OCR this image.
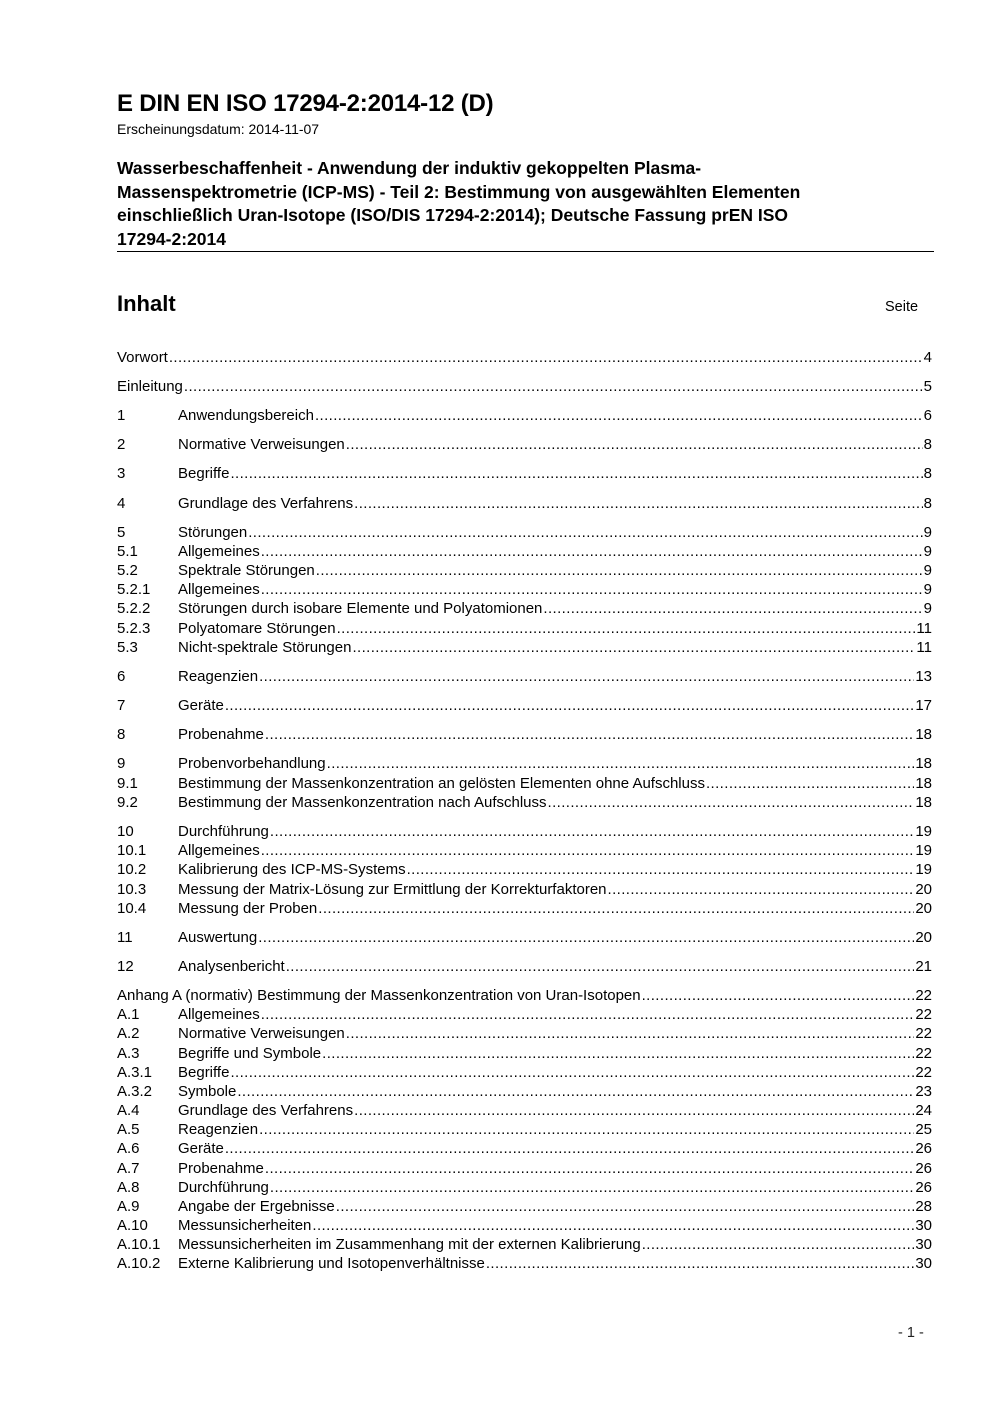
E DIN EN ISO 17294-2:2014-12 (D)
Erscheinungsdatum: 2014-11-07
Wasserbeschaffenheit - Anwendung der induktiv gekoppelten Plasma-
Massenspektrometrie (ICP-MS) - Teil 2: Bestimmung von ausgewählten Elementen
einschließlich Uran-Isotope (ISO/DIS 17294-2:2014); Deutsche Fassung prEN ISO
17294-2:2014
Inhalt	Seite
Vorwort .....	4
Einleitung .....	5
1	Anwendungsbereich .....	6
2	Normative Verweisungen .....	8
3	Begriffe .....	8
4	Grundlage des Verfahrens .....	8
5	Störungen .....	9
5.1	Allgemeines .....	9
5.2	Spektrale Störungen .....	9
5.2.1	Allgemeines .....	9
5.2.2	Störungen durch isobare Elemente und Polyatomionen .....	9
5.2.3	Polyatomare Störungen .....	11
5.3	Nicht-spektrale Störungen .....	11
6	Reagenzien .....	13
7	Geräte .....	17
8	Probenahme .....	18
9	Probenvorbehandlung .....	18
9.1	Bestimmung der Massenkonzentration an gelösten Elementen ohne Aufschluss .....	18
9.2	Bestimmung der Massenkonzentration nach Aufschluss .....	18
10	Durchführung .....	19
10.1	Allgemeines .....	19
10.2	Kalibrierung des ICP-MS-Systems .....	19
10.3	Messung der Matrix-Lösung zur Ermittlung der Korrekturfaktoren .....	20
10.4	Messung der Proben .....	20
11	Auswertung .....	20
12	Analysenbericht .....	21
Anhang A (normativ) Bestimmung der Massenkonzentration von Uran-Isotopen .....	22
A.1	Allgemeines .....	22
A.2	Normative Verweisungen .....	22
A.3	Begriffe und Symbole .....	22
A.3.1	Begriffe .....	22
A.3.2	Symbole .....	23
A.4	Grundlage des Verfahrens .....	24
A.5	Reagenzien .....	25
A.6	Geräte .....	26
A.7	Probenahme .....	26
A.8	Durchführung .....	26
A.9	Angabe der Ergebnisse .....	28
A.10	Messunsicherheiten .....	30
A.10.1	Messunsicherheiten im Zusammenhang mit der externen Kalibrierung .....	30
A.10.2	Externe Kalibrierung und Isotopenverhältnisse .....	30
- 1 -
